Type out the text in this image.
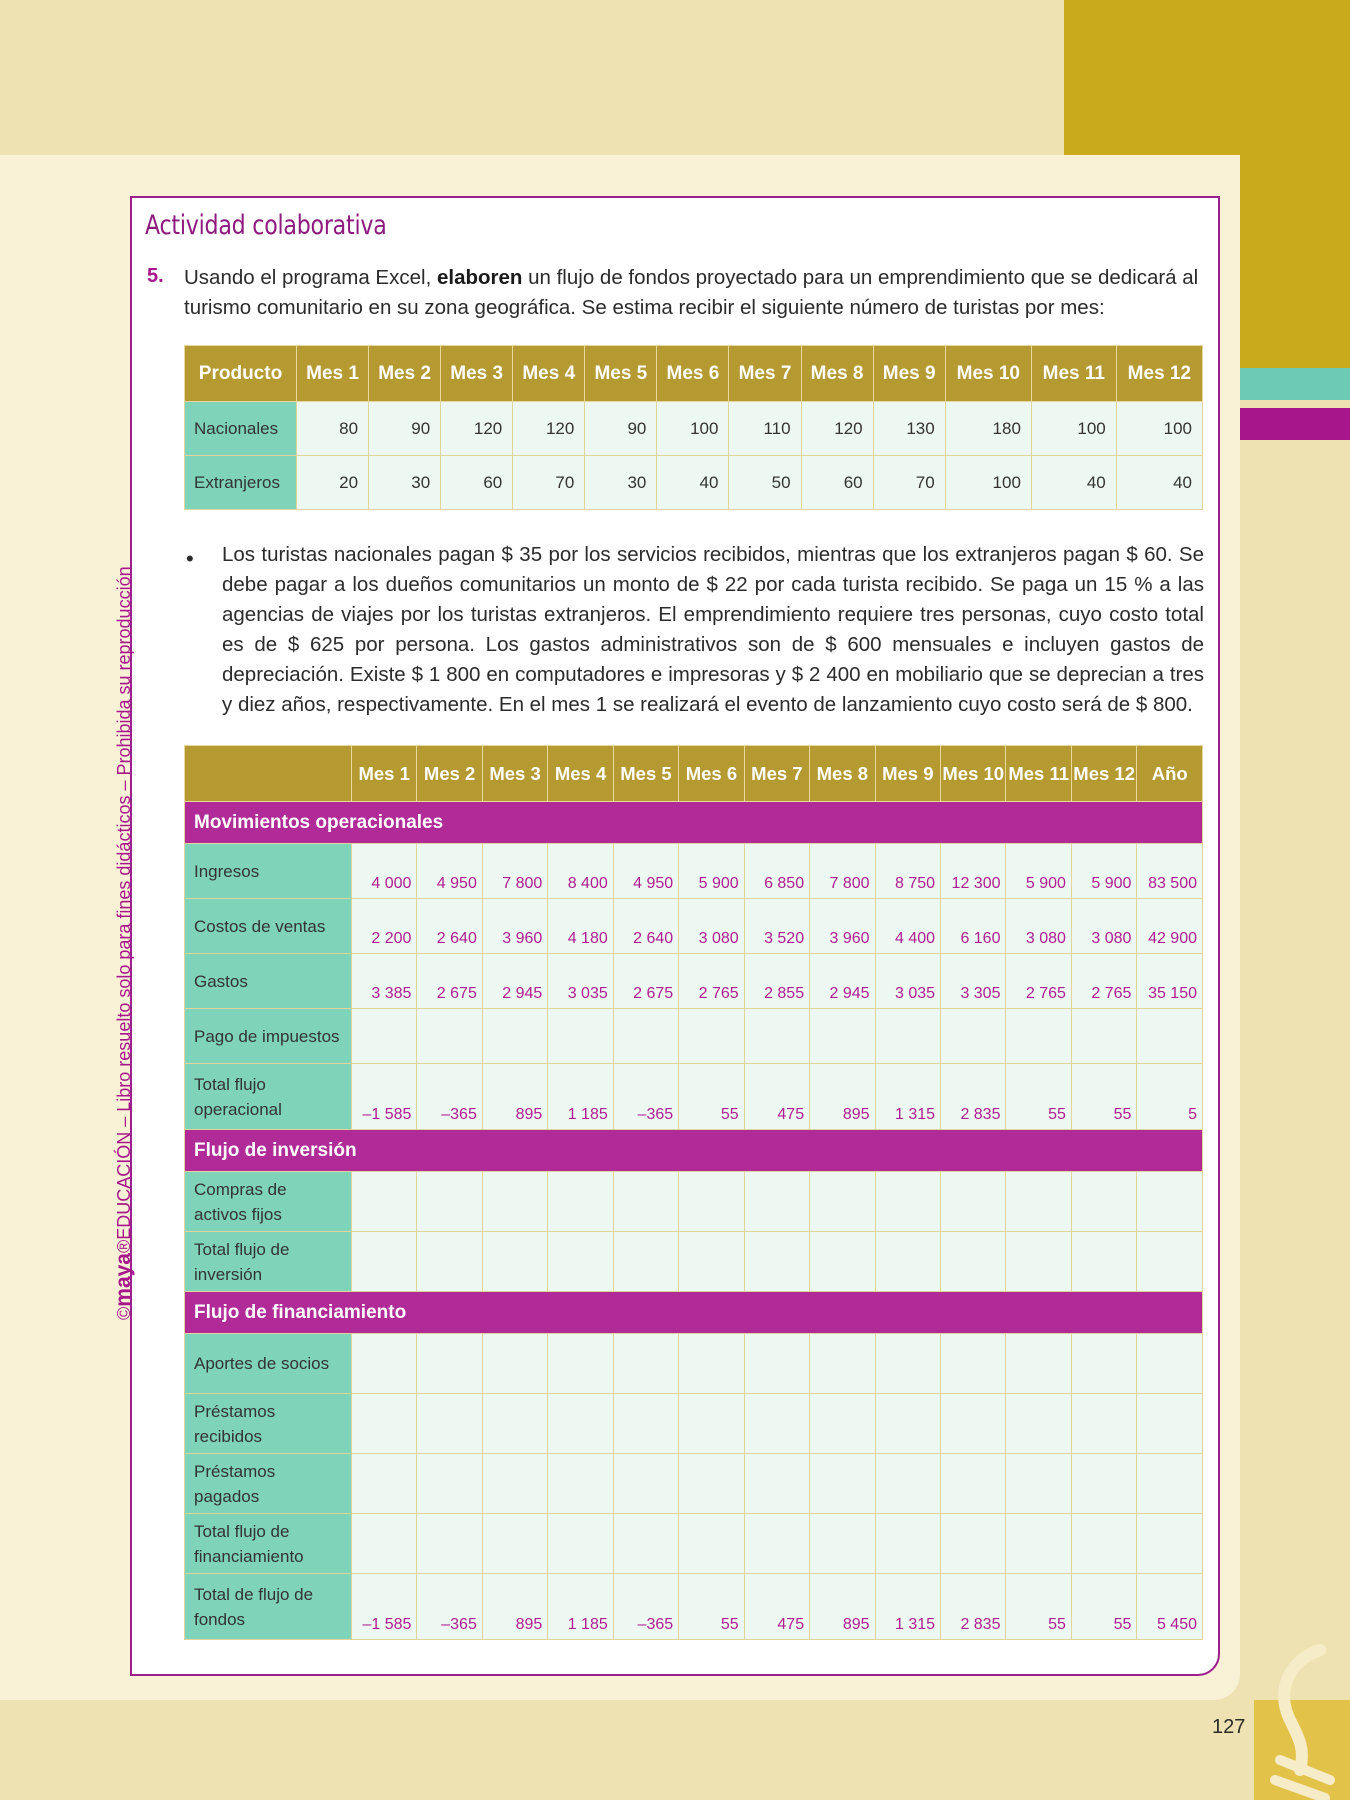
127
©maya®EDUCACIÓN – Libro resuelto solo para fines didácticos – Prohibida su reproducción
Actividad colaborativa
5. Usando el programa Excel, elaboren un flujo de fondos proyectado para un emprendimiento que se dedicará al turismo comunitario en su zona geográfica. Se estima recibir el siguiente número de turistas por mes:

Producto	Mes 1	Mes 2	Mes 3	Mes 4	Mes 5	Mes 6	Mes 7	Mes 8	Mes 9	Mes 10	Mes 11	Mes 12
Nacionales	80	90	120	120	90	100	110	120	130	180	100	100
Extranjeros	20	30	60	70	30	40	50	60	70	100	40	40
• Los turistas nacionales pagan $ 35 por los servicios recibidos, mientras que los extranjeros pagan $ 60. Se debe pagar a los dueños comunitarios un monto de $ 22 por cada turista recibido. Se paga un 15 % a las agencias de viajes por los turistas extranjeros. El emprendimiento requiere tres personas, cuyo costo total es de $ 625 por persona. Los gastos administrativos son de $ 600 mensuales e incluyen gastos de depreciación. Existe $ 1 800 en computadores e impresoras y $ 2 400 en mobiliario que se deprecian a tres y diez años, respectivamente. En el mes 1 se realizará el evento de lanzamiento cuyo costo será de $ 800.

	Mes 1	Mes 2	Mes 3	Mes 4	Mes 5	Mes 6	Mes 7	Mes 8	Mes 9	Mes 10	Mes 11	Mes 12	Año
Movimientos operacionales													
Ingresos	4 000	4 950	7 800	8 400	4 950	5 900	6 850	7 800	8 750	12 300	5 900	5 900	83 500
Costos de ventas	2 200	2 640	3 960	4 180	2 640	3 080	3 520	3 960	4 400	6 160	3 080	3 080	42 900
Gastos	3 385	2 675	2 945	3 035	2 675	2 765	2 855	2 945	3 035	3 305	2 765	2 765	35 150
Pago de impuestos													
Total flujo operacional	–1 585	–365	895	1 185	–365	55	475	895	1 315	2 835	55	55	5
Flujo de inversión													
Compras de activos fijos													
Total flujo de inversión													
Flujo de financiamiento													
Aportes de socios													
Préstamos recibidos													
Préstamos pagados													
Total flujo de financiamiento													
Total de flujo de fondos	–1 585	–365	895	1 185	–365	55	475	895	1 315	2 835	55	55	5 450
